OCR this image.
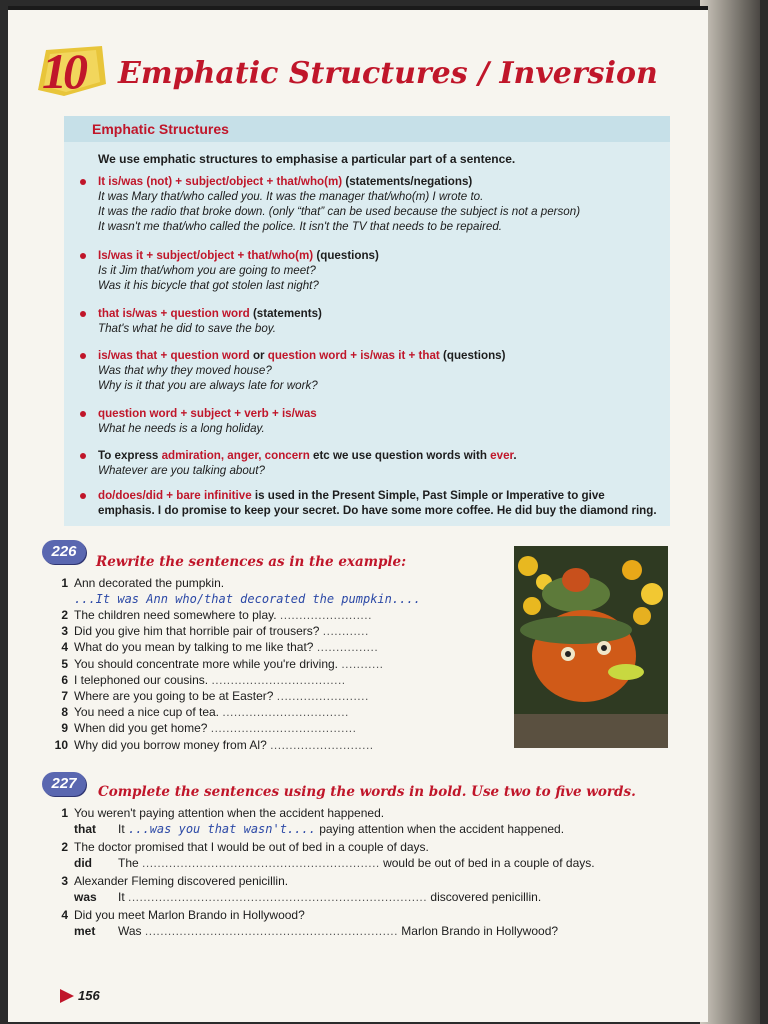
10 Emphatic Structures / Inversion
Emphatic Structures
We use emphatic structures to emphasise a particular part of a sentence.
It is/was (not) + subject/object + that/who(m) (statements/negations)
It was Mary that/who called you. It was the manager that/who(m) I wrote to.
It was the radio that broke down. (only “that” can be used because the subject is not a person)
It wasn't me that/who called the police. It isn't the TV that needs to be repaired.
Is/was it + subject/object + that/who(m) (questions)
Is it Jim that/whom you are going to meet?
Was it his bicycle that got stolen last night?
that is/was + question word (statements)
That's what he did to save the boy.
is/was that + question word or question word + is/was it + that (questions)
Was that why they moved house?
Why is it that you are always late for work?
question word + subject + verb + is/was
What he needs is a long holiday.
To express admiration, anger, concern etc we use question words with ever.
Whatever are you talking about?
do/does/did + bare infinitive is used in the Present Simple, Past Simple or Imperative to give
emphasis. I do promise to keep your secret. Do have some more coffee. He did buy the diamond ring.
226
Rewrite the sentences as in the example:
1 Ann decorated the pumpkin.
...It was Ann who/that decorated the pumpkin....
2 The children need somewhere to play. ........................
3 Did you give him that horrible pair of trousers? ............
4 What do you mean by talking to me like that? ................
5 You should concentrate more while you're driving. ...........
6 I telephoned our cousins. ...................................
7 Where are you going to be at Easter? ........................
8 You need a nice cup of tea. .................................
9 When did you get home? ......................................
10 Why did you borrow money from Al? ...........................
227	Complete the sentences using the words in bold. Use two to five words.
1 You weren't paying attention when the accident happened.
that It ...was you that wasn't.... paying attention when the accident happened.
2 The doctor promised that I would be out of bed in a couple of days.
did The .............................................................. would be out of bed in a couple of days.
3 Alexander Fleming discovered penicillin.
was It .............................................................................. discovered penicillin.
4 Did you meet Marlon Brando in Hollywood?
met Was .................................................................. Marlon Brando in Hollywood?
156
